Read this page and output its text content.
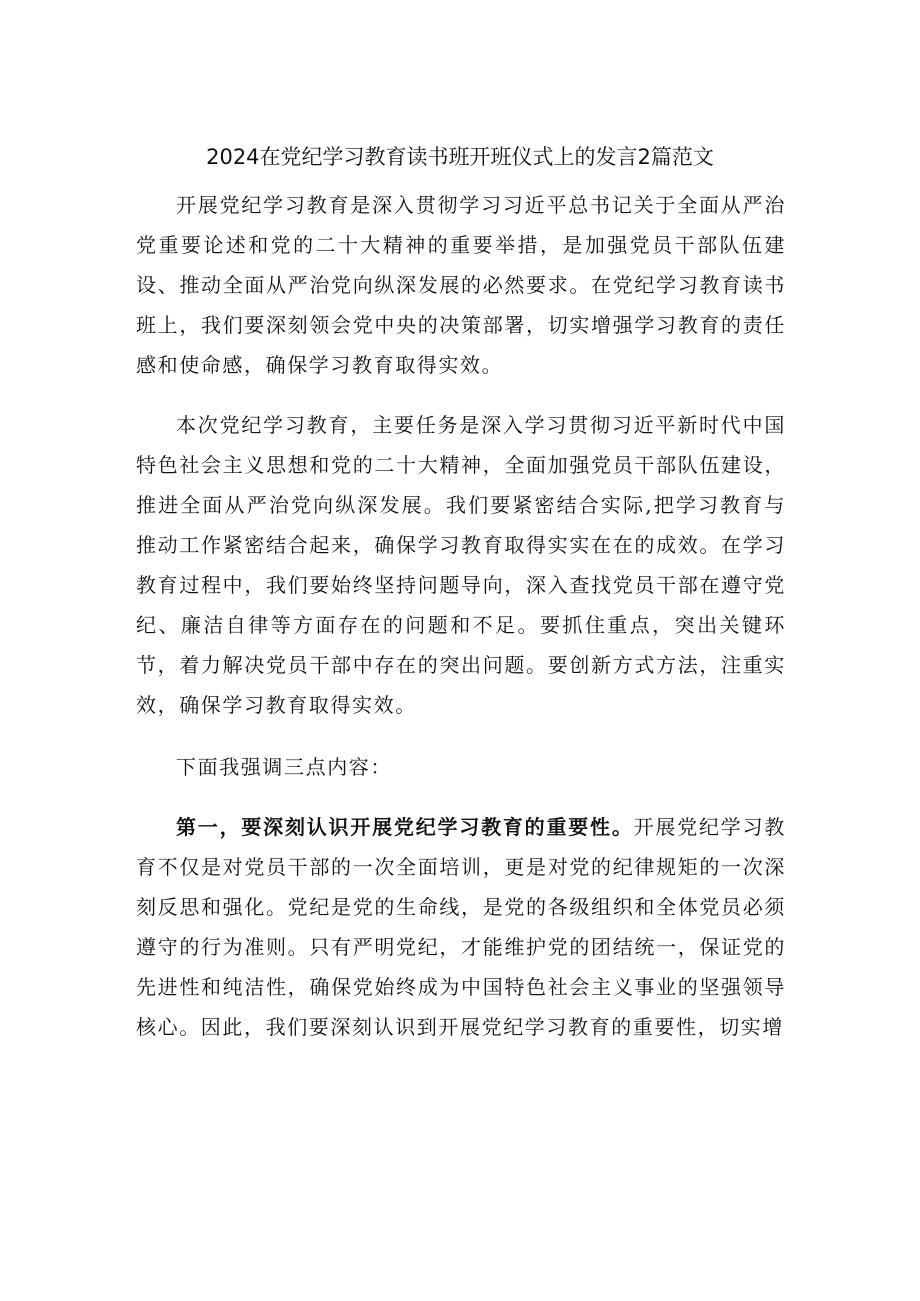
2024在党纪学习教育读书班开班仪式上的发言2篇范文

开展党纪学习教育是深入贯彻学习习近平总书记关于全面从严治党重要论述和党的二十大精神的重要举措，是加强党员干部队伍建设、推动全面从严治党向纵深发展的必然要求。在党纪学习教育读书班上，我们要深刻领会党中央的决策部署，切实增强学习教育的责任感和使命感，确保学习教育取得实效。

本次党纪学习教育，主要任务是深入学习贯彻习近平新时代中国特色社会主义思想和党的二十大精神，全面加强党员干部队伍建设，推进全面从严治党向纵深发展。我们要紧密结合实际,把学习教育与推动工作紧密结合起来，确保学习教育取得实实在在的成效。在学习教育过程中，我们要始终坚持问题导向，深入查找党员干部在遵守党纪、廉洁自律等方面存在的问题和不足。要抓住重点，突出关键环节，着力解决党员干部中存在的突出问题。要创新方式方法，注重实效，确保学习教育取得实效。

下面我强调三点内容：

第一，要深刻认识开展党纪学习教育的重要性。开展党纪学习教育不仅是对党员干部的一次全面培训，更是对党的纪律规矩的一次深刻反思和强化。党纪是党的生命线，是党的各级组织和全体党员必须遵守的行为准则。只有严明党纪，才能维护党的团结统一，保证党的先进性和纯洁性，确保党始终成为中国特色社会主义事业的坚强领导核心。因此，我们要深刻认识到开展党纪学习教育的重要性，切实增
